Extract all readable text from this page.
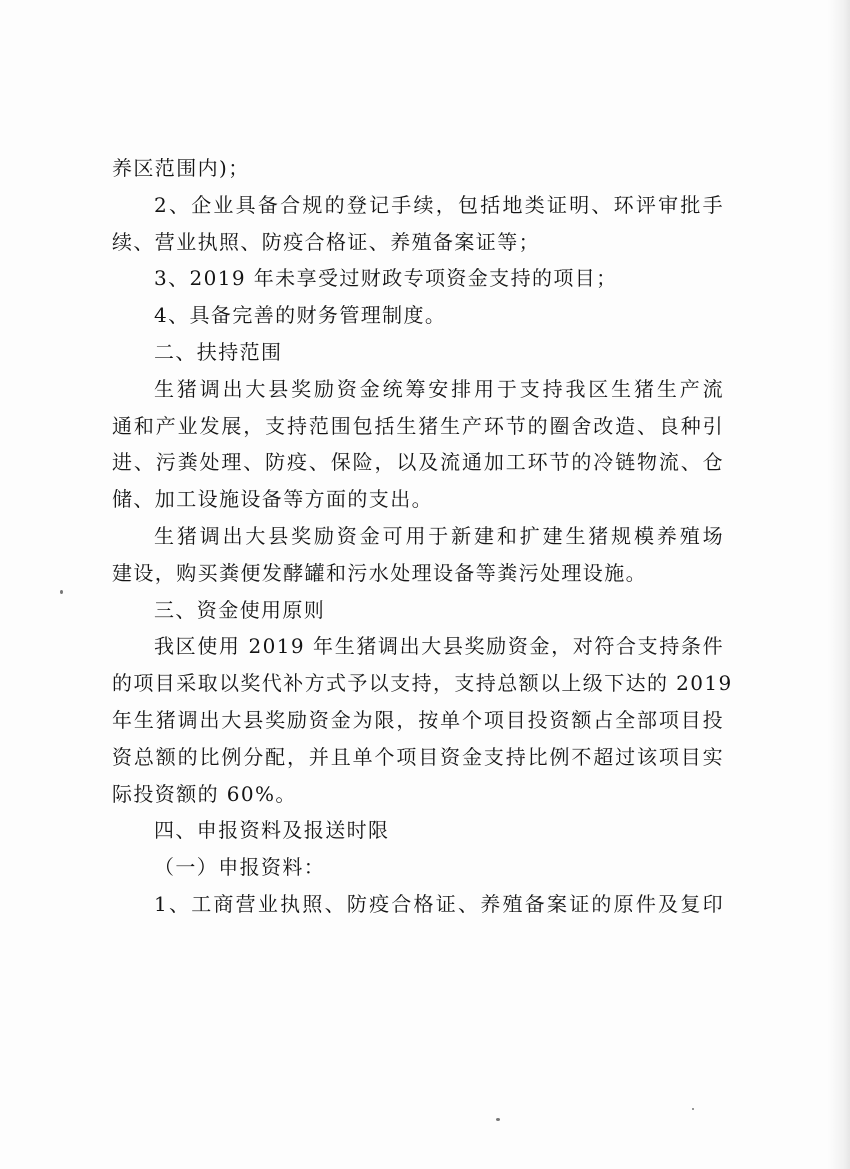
养区范围内)；
2、企业具备合规的登记手续，包括地类证明、环评审批手
续、营业执照、防疫合格证、养殖备案证等；
3、2019 年未享受过财政专项资金支持的项目；
4、具备完善的财务管理制度。
二、扶持范围
生猪调出大县奖励资金统筹安排用于支持我区生猪生产流
通和产业发展，支持范围包括生猪生产环节的圈舍改造、良种引
进、污粪处理、防疫、保险，以及流通加工环节的冷链物流、仓
储、加工设施设备等方面的支出。
生猪调出大县奖励资金可用于新建和扩建生猪规模养殖场
建设，购买粪便发酵罐和污水处理设备等粪污处理设施。
三、资金使用原则
我区使用 2019 年生猪调出大县奖励资金，对符合支持条件
的项目采取以奖代补方式予以支持，支持总额以上级下达的 2019
年生猪调出大县奖励资金为限，按单个项目投资额占全部项目投
资总额的比例分配，并且单个项目资金支持比例不超过该项目实
际投资额的 60%。
四、申报资料及报送时限
（一）申报资料：
1、工商营业执照、防疫合格证、养殖备案证的原件及复印
